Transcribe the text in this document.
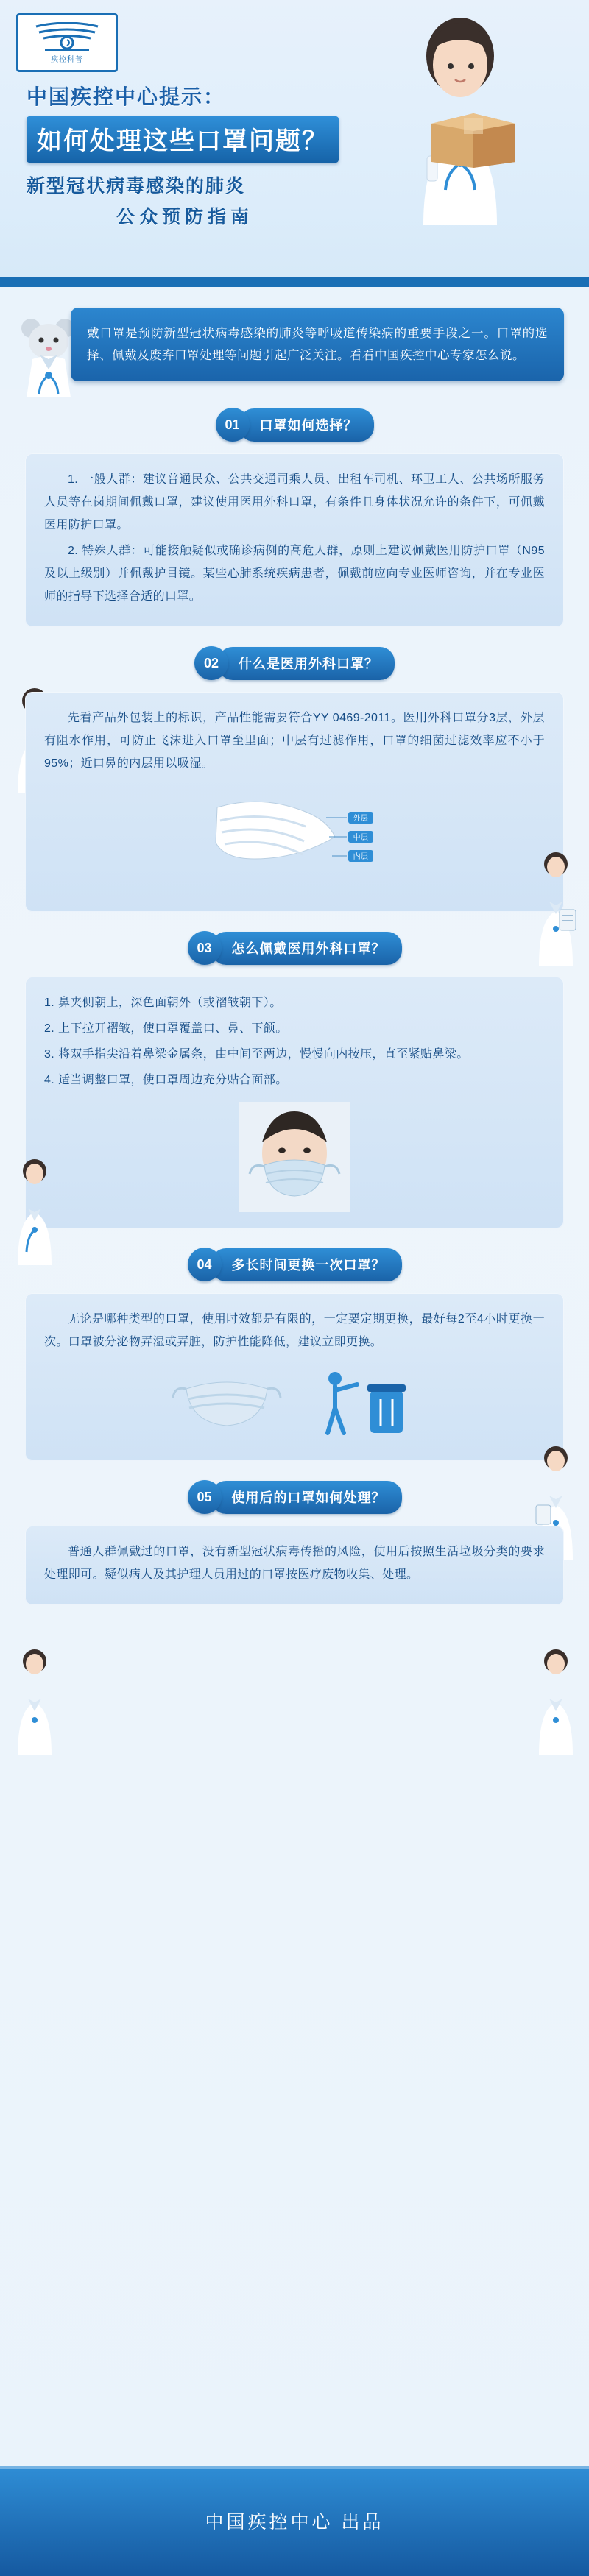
疾控科普
中国疾控中心提示：
如何处理这些口罩问题？
新型冠状病毒感染的肺炎
公众预防指南
戴口罩是预防新型冠状病毒感染的肺炎等呼吸道传染病的重要手段之一。口罩的选择、佩戴及废弃口罩处理等问题引起广泛关注。看看中国疾控中心专家怎么说。
01	口罩如何选择？

1. 一般人群：建议普通民众、公共交通司乘人员、出租车司机、环卫工人、公共场所服务人员等在岗期间佩戴口罩，建议使用医用外科口罩，有条件且身体状况允许的条件下，可佩戴医用防护口罩。

2. 特殊人群：可能接触疑似或确诊病例的高危人群，原则上建议佩戴医用防护口罩（N95及以上级别）并佩戴护目镜。某些心肺系统疾病患者，佩戴前应向专业医师咨询，并在专业医师的指导下选择合适的口罩。

02	什么是医用外科口罩？

先看产品外包装上的标识，产品性能需要符合YY 0469-2011。医用外科口罩分3层，外层有阻水作用，可防止飞沫进入口罩至里面；中层有过滤作用，口罩的细菌过滤效率应不小于95%；近口鼻的内层用以吸湿。

外层
中层
内层
03	怎么佩戴医用外科口罩？

1. 鼻夹侧朝上，深色面朝外（或褶皱朝下）。

2. 上下拉开褶皱，使口罩覆盖口、鼻、下颌。

3. 将双手指尖沿着鼻梁金属条，由中间至两边，慢慢向内按压，直至紧贴鼻梁。

4. 适当调整口罩，使口罩周边充分贴合面部。

04	多长时间更换一次口罩？

无论是哪种类型的口罩，使用时效都是有限的，一定要定期更换，最好每2至4小时更换一次。口罩被分泌物弄湿或弄脏，防护性能降低，建议立即更换。

05	使用后的口罩如何处理？

普通人群佩戴过的口罩，没有新型冠状病毒传播的风险，使用后按照生活垃圾分类的要求处理即可。疑似病人及其护理人员用过的口罩按医疗废物收集、处理。

中国疾控中心 出品
